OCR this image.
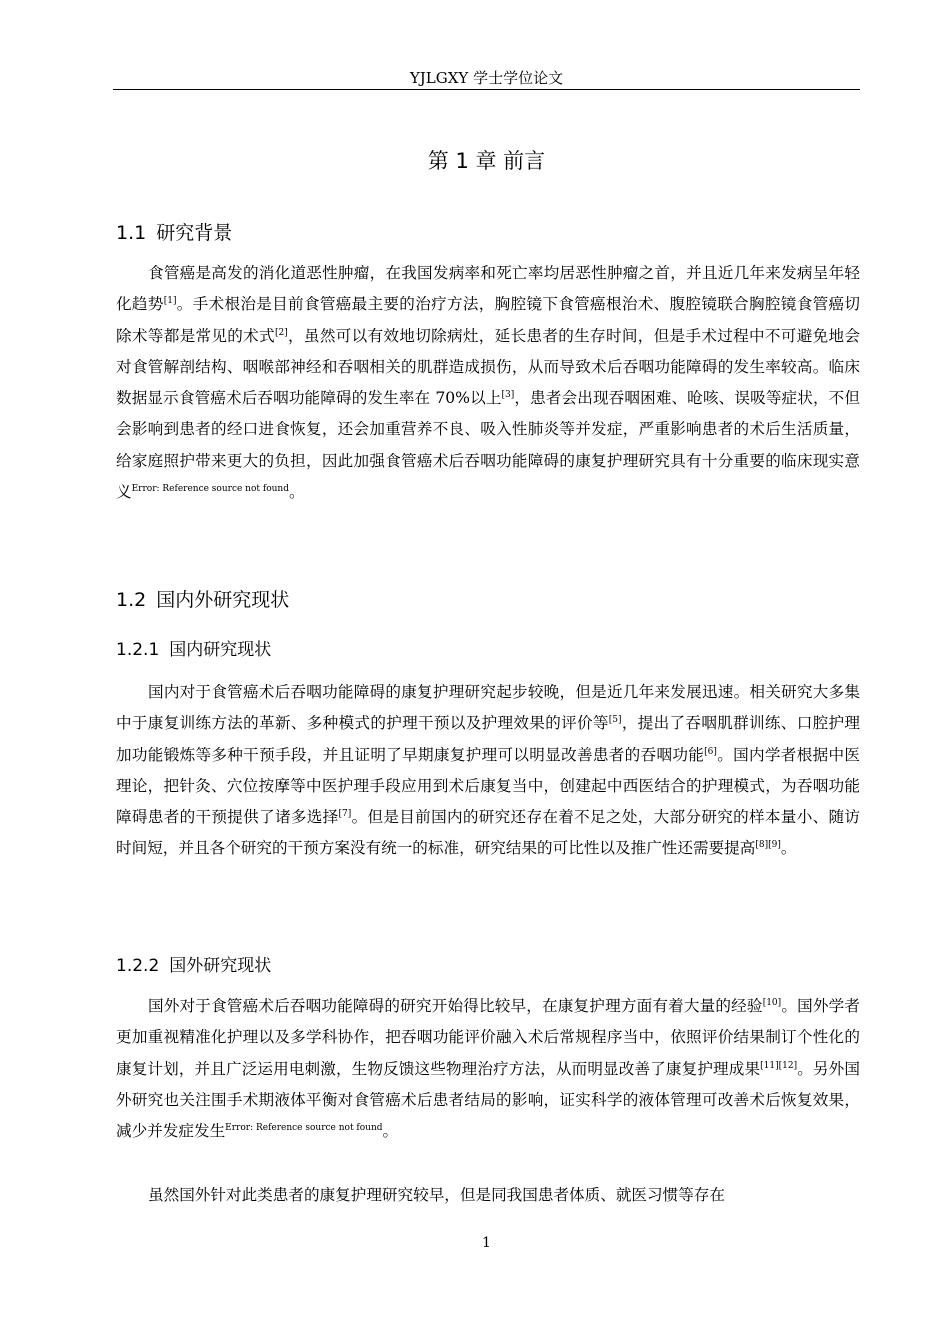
YJLGXY 学士学位论文
第 1 章 前言
1.1 研究背景

食管癌是高发的消化道恶性肿瘤，在我国发病率和死亡率均居恶性肿瘤之首，并且近几年来发病呈年轻化趋势[1]。手术根治是目前食管癌最主要的治疗方法，胸腔镜下食管癌根治术、腹腔镜联合胸腔镜食管癌切除术等都是常见的术式[2]，虽然可以有效地切除病灶，延长患者的生存时间，但是手术过程中不可避免地会对食管解剖结构、咽喉部神经和吞咽相关的肌群造成损伤，从而导致术后吞咽功能障碍的发生率较高。临床数据显示食管癌术后吞咽功能障碍的发生率在 70%以上[3]，患者会出现吞咽困难、呛咳、误吸等症状，不但会影响到患者的经口进食恢复，还会加重营养不良、吸入性肺炎等并发症，严重影响患者的术后生活质量，给家庭照护带来更大的负担，因此加强食管癌术后吞咽功能障碍的康复护理研究具有十分重要的临床现实意义$^{Error: Reference source not found}$。

1.2 国内外研究现状
1.2.1 国内研究现状

国内对于食管癌术后吞咽功能障碍的康复护理研究起步较晚，但是近几年来发展迅速。相关研究大多集中于康复训练方法的革新、多种模式的护理干预以及护理效果的评价等[5]，提出了吞咽肌群训练、口腔护理加功能锻炼等多种干预手段，并且证明了早期康复护理可以明显改善患者的吞咽功能[6]。国内学者根据中医理论，把针灸、穴位按摩等中医护理手段应用到术后康复当中，创建起中西医结合的护理模式，为吞咽功能障碍患者的干预提供了诸多选择[7]。但是目前国内的研究还存在着不足之处，大部分研究的样本量小、随访时间短，并且各个研究的干预方案没有统一的标准，研究结果的可比性以及推广性还需要提高[8][9]。

1.2.2 国外研究现状

国外对于食管癌术后吞咽功能障碍的研究开始得比较早，在康复护理方面有着大量的经验[10]。国外学者更加重视精准化护理以及多学科协作，把吞咽功能评价融入术后常规程序当中，依照评价结果制订个性化的康复计划，并且广泛运用电刺激，生物反馈这些物理治疗方法，从而明显改善了康复护理成果[11][12]。另外国外研究也关注围手术期液体平衡对食管癌术后患者结局的影响，证实科学的液体管理可改善术后恢复效果，减少并发症发生$^{Error: Reference source not found}$。

虽然国外针对此类患者的康复护理研究较早，但是同我国患者体质、就医习惯等存在

1
